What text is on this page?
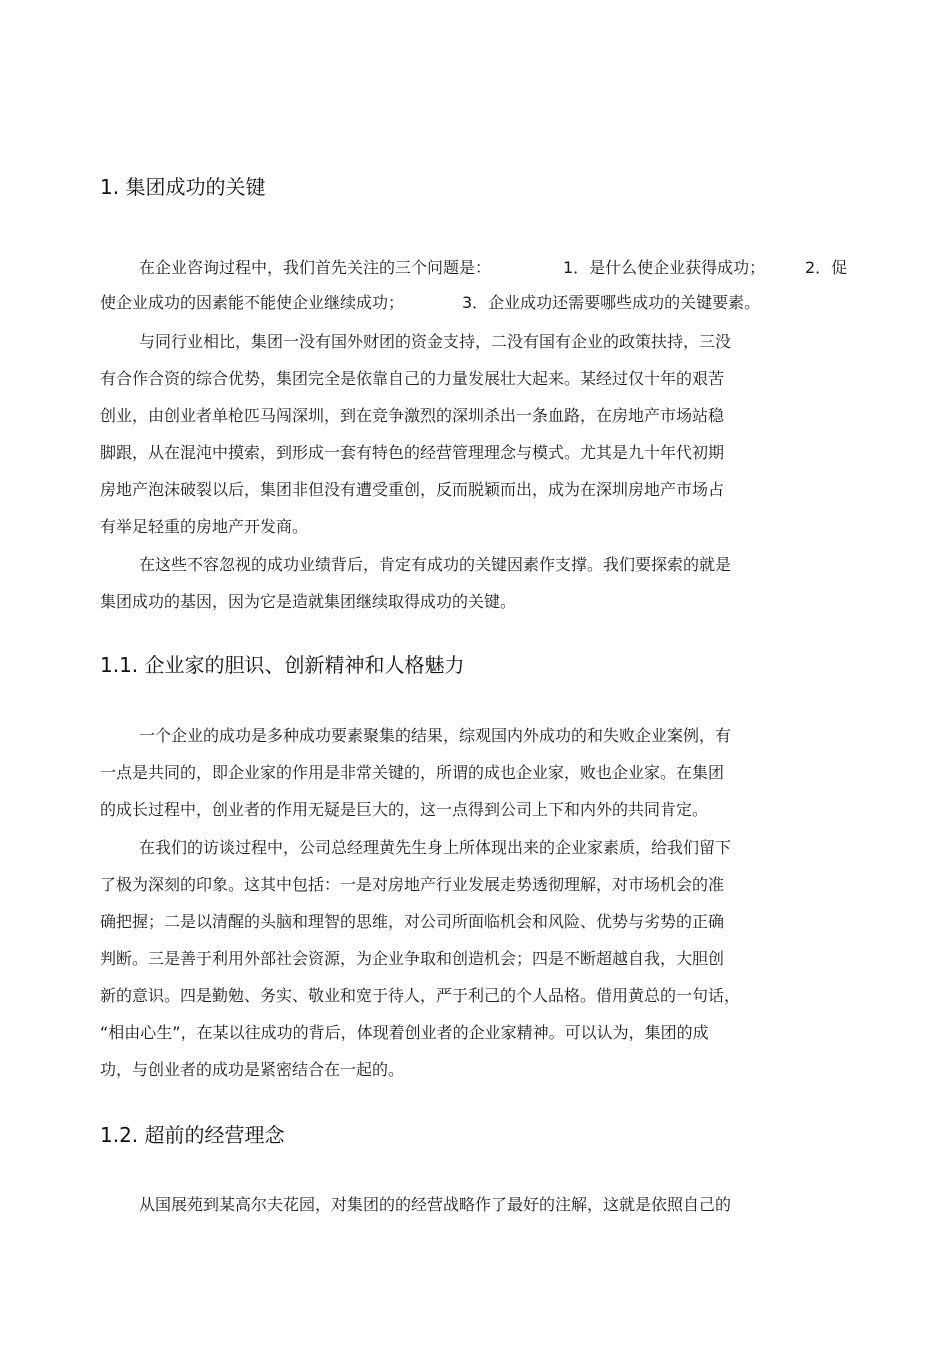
1. 集团成功的关键
在企业咨询过程中，我们首先关注的三个问题是：	1．是什么使企业获得成功； 2．促
使企业成功的因素能不能使企业继续成功；	3．企业成功还需要哪些成功的关键要素。
与同行业相比，集团一没有国外财团的资金支持，二没有国有企业的政策扶持，三没
有合作合资的综合优势，集团完全是依靠自己的力量发展壮大起来。某经过仅十年的艰苦
创业，由创业者单枪匹马闯深圳，到在竞争激烈的深圳杀出一条血路，在房地产市场站稳
脚跟，从在混沌中摸索，到形成一套有特色的经营管理理念与模式。尤其是九十年代初期
房地产泡沫破裂以后，集团非但没有遭受重创，反而脱颖而出，成为在深圳房地产市场占
有举足轻重的房地产开发商。
在这些不容忽视的成功业绩背后，肯定有成功的关键因素作支撑。我们要探索的就是
集团成功的基因，因为它是造就集团继续取得成功的关键。
1.1. 企业家的胆识、创新精神和人格魅力
一个企业的成功是多种成功要素聚集的结果，综观国内外成功的和失败企业案例，有
一点是共同的，即企业家的作用是非常关键的，所谓的成也企业家，败也企业家。在集团
的成长过程中，创业者的作用无疑是巨大的，这一点得到公司上下和内外的共同肯定。
在我们的访谈过程中，公司总经理黄先生身上所体现出来的企业家素质，给我们留下
了极为深刻的印象。这其中包括：一是对房地产行业发展走势透彻理解，对市场机会的准
确把握；二是以清醒的头脑和理智的思维，对公司所面临机会和风险、优势与劣势的正确
判断。三是善于利用外部社会资源，为企业争取和创造机会；四是不断超越自我，大胆创
新的意识。四是勤勉、务实、敬业和宽于待人，严于利己的个人品格。借用黄总的一句话，
“相由心生”，在某以往成功的背后，体现着创业者的企业家精神。可以认为，集团的成
功，与创业者的成功是紧密结合在一起的。
1.2. 超前的经营理念
从国展苑到某高尔夫花园，对集团的的经营战略作了最好的注解，这就是依照自己的
